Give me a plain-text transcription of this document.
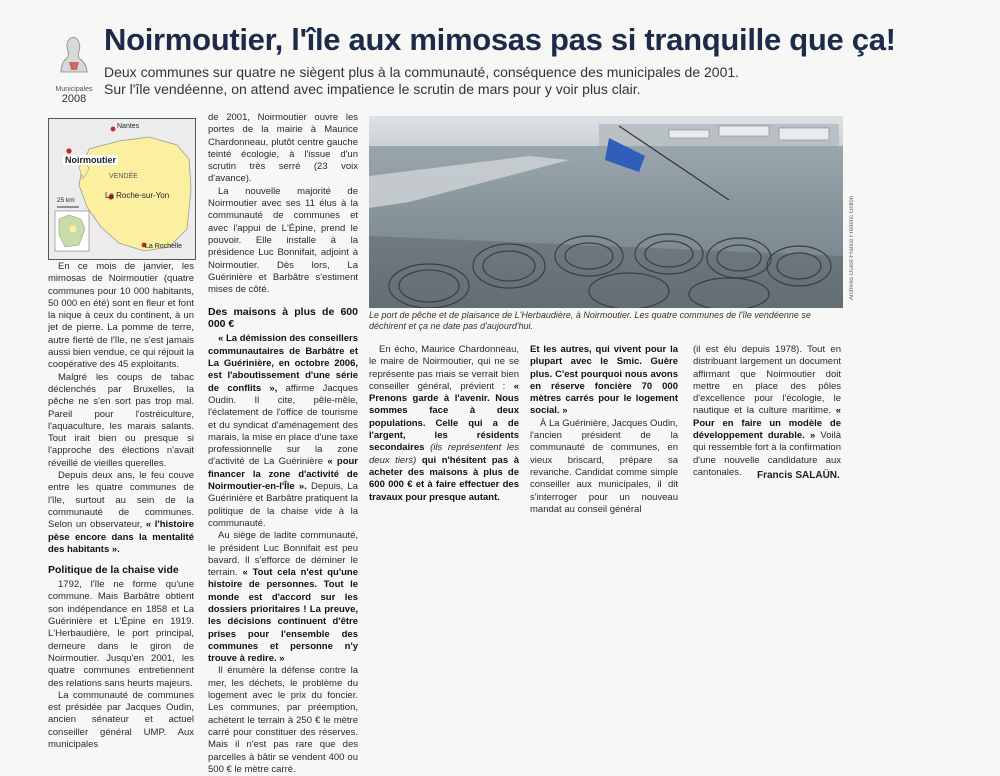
Municipales
2008
Noirmoutier, l'île aux mimosas pas si tranquille que ça!
Deux communes sur quatre ne siègent plus à la communauté, conséquence des municipales de 2001.
Sur l'île vendéenne, on attend avec impatience le scrutin de mars pour y voir plus clair.
Nantes
Noirmoutier
VENDÉE
La Roche-sur-Yon
La Rochelle
25 km

En ce mois de janvier, les mimosas de Noirmoutier (quatre communes pour 10 000 habitants, 50 000 en été) sont en fleur et font la nique à ceux du continent, à un jet de pierre. La pomme de terre, autre fierté de l'île, ne s'est jamais aussi bien vendue, ce qui réjouit la coopérative des 45 exploitants.

Malgré les coups de tabac déclenchés par Bruxelles, la pêche ne s'en sort pas trop mal. Pareil pour l'ostréiculture, l'aquaculture, les marais salants. Tout irait bien ou presque si l'approche des élections n'avait réveillé de vieilles querelles.

Depuis deux ans, le feu couve entre les quatre communes de l'île, surtout au sein de la communauté de communes. Selon un observateur, « l'histoire pèse encore dans la mentalité des habitants ».

Politique de la chaise vide

1792, l'île ne forme qu'une commune. Mais Barbâtre obtient son indépendance en 1858 et La Guérinière et L'Épine en 1919. L'Herbaudière, le port principal, demeure dans le giron de Noirmoutier. Jusqu'en 2001, les quatre communes entretiennent des relations sans heurts majeurs.

La communauté de communes est présidée par Jacques Oudin, ancien sénateur et actuel conseiller général UMP. Aux municipales

de 2001, Noirmoutier ouvre les portes de la mairie à Maurice Chardonneau, plutôt centre gauche teinté écologie, à l'issue d'un scrutin très serré (23 voix d'avance).

La nouvelle majorité de Noirmoutier avec ses 11 élus à la communauté de communes et avec l'appui de L'Épine, prend le pouvoir. Elle installe à la présidence Luc Bonnifait, adjoint à Noirmoutier. Dès lors, La Guérinière et Barbâtre s'estiment mises de côté.

Des maisons à plus de 600 000 €

« La démission des conseillers communautaires de Barbâtre et La Guérinière, en octobre 2006, est l'aboutissement d'une série de conflits », affirme Jacques Oudin. Il cite, pêle-mêle, l'éclatement de l'office de tourisme et du syndicat d'aménagement des marais, la mise en place d'une taxe professionnelle sur la zone d'activité de La Guérinière « pour financer la zone d'activité de Noirmoutier-en-l'Île ». Depuis, La Guérinière et Barbâtre pratiquent la politique de la chaise vide à la communauté.

Au siège de ladite communauté, le président Luc Bonnifait est peu bavard. Il s'efforce de déminer le terrain. « Tout cela n'est qu'une histoire de personnes. Tout le monde est d'accord sur les dossiers prioritaires ! La preuve, les décisions continuent d'être prises pour l'ensemble des communes et personne n'y trouve à redire. »

Il énumère la défense contre la mer, les déchets, le problème du logement avec le prix du foncier. Les communes, par préemption, achètent le terrain à 250 € le mètre carré pour constituer des réserves. Mais il n'est pas rare que des parcelles à bâtir se vendent 400 ou 500 € le mètre carré.

Archives Ouest-France Frédéric Grillon
Le port de pêche et de plaisance de L'Herbaudière, à Noirmoutier. Les quatre communes de l'île vendéenne se déchirent et ça ne date pas d'aujourd'hui.

En écho, Maurice Chardonneau, le maire de Noirmoutier, qui ne se représente pas mais se verrait bien conseiller général, prévient : « Prenons garde à l'avenir. Nous sommes face à deux populations. Celle qui a de l'argent, les résidents secondaires (ils représentent les deux tiers) qui n'hésitent pas à acheter des maisons à plus de 600 000 € et à faire effectuer des travaux pour presque autant.

Et les autres, qui vivent pour la plupart avec le Smic. Guère plus. C'est pourquoi nous avons en réserve foncière 70 000 mètres carrés pour le logement social. »

À La Guérinière, Jacques Oudin, l'ancien président de la communauté de communes, en vieux briscard, prépare sa revanche. Candidat comme simple conseiller aux municipales, il dit s'interroger pour un nouveau mandat au conseil général

(il est élu depuis 1978). Tout en distribuant largement un document affirmant que Noirmoutier doit mettre en place des pôles d'excellence pour l'écologie, le nautique et la culture maritime. « Pour en faire un modèle de développement durable. » Voilà qui ressemble fort à la confirmation d'une nouvelle candidature aux cantonales.	Francis SALAÜN.
